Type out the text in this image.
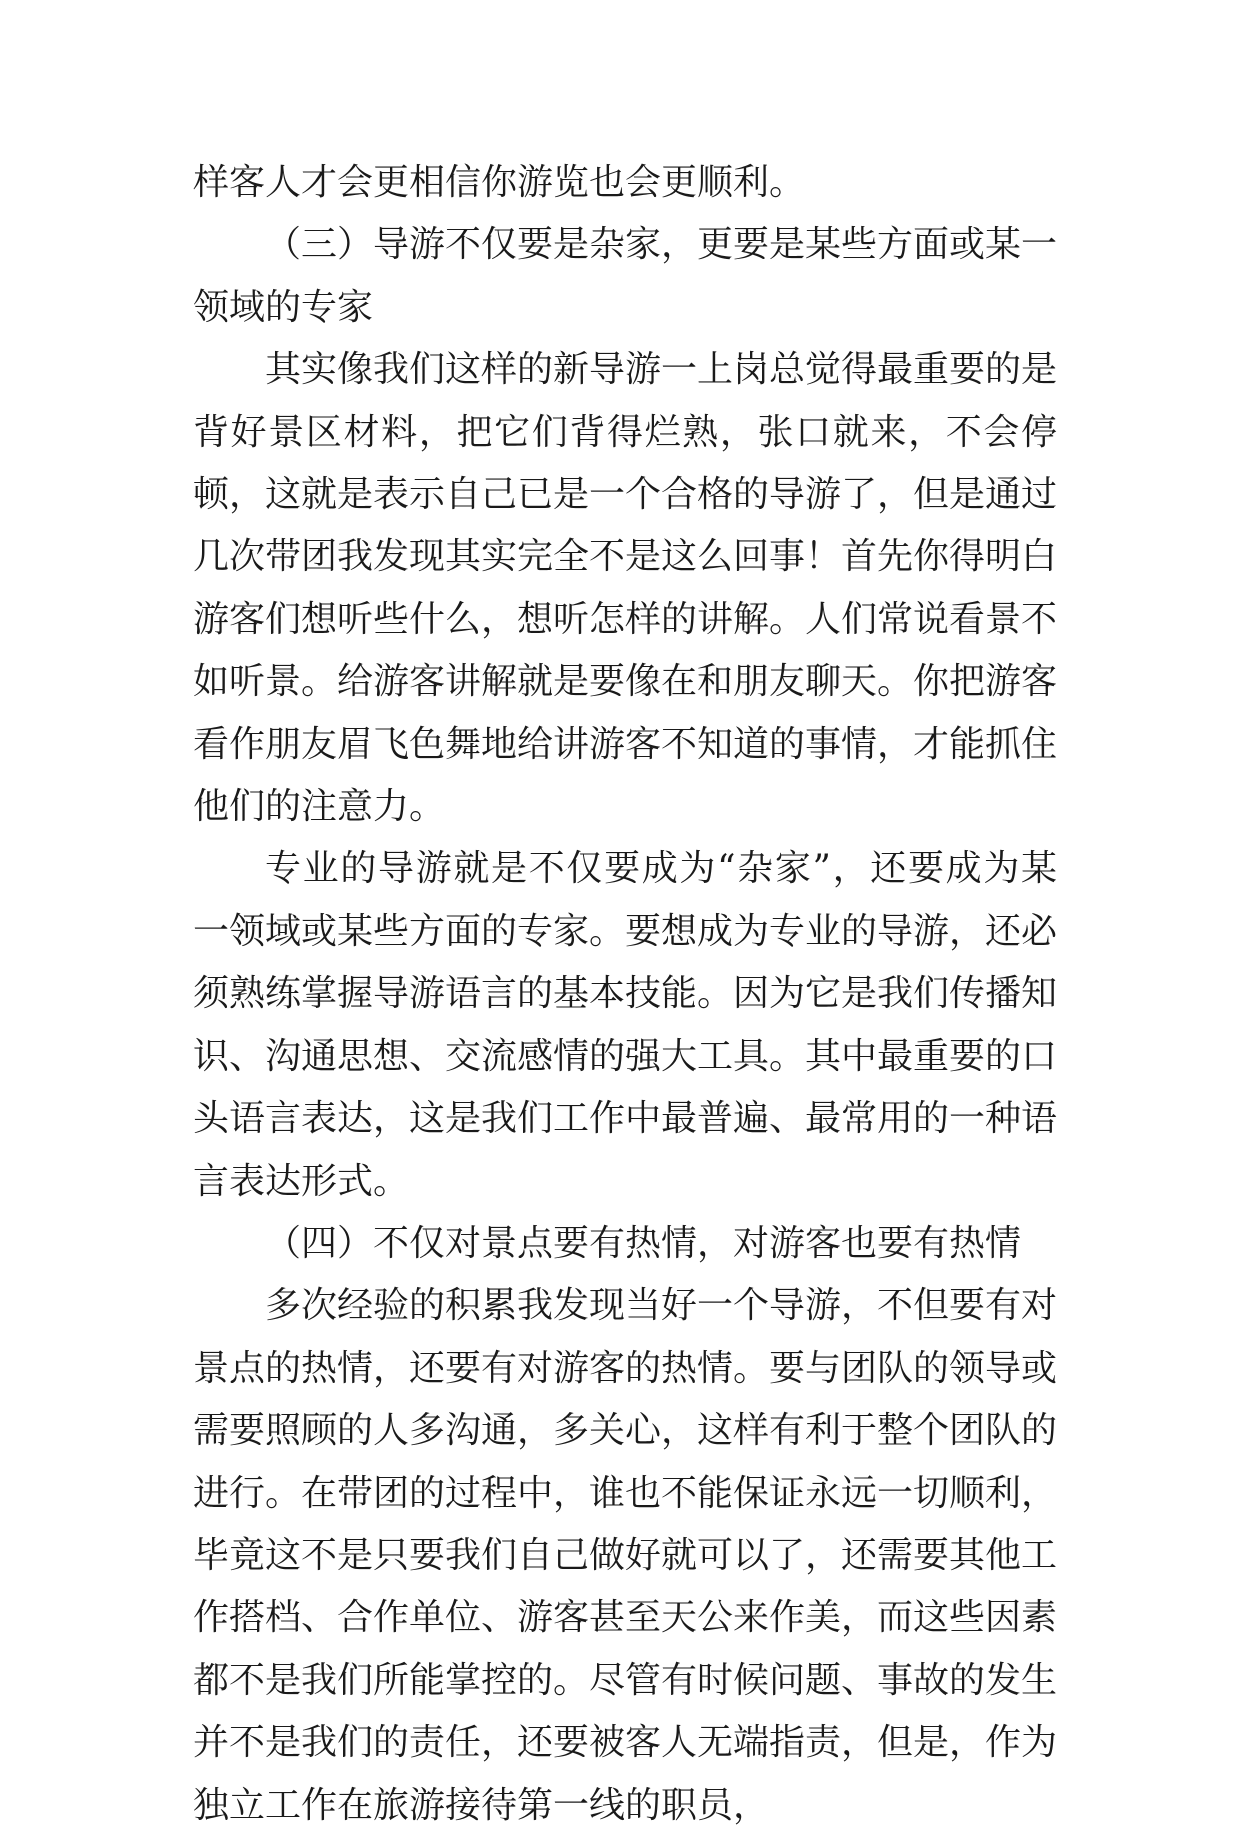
样客人才会更相信你游览也会更顺利。

（三）导游不仅要是杂家，更要是某些方面或某一领域的专家

其实像我们这样的新导游一上岗总觉得最重要的是背好景区材料，把它们背得烂熟，张口就来，不会停顿，这就是表示自己已是一个合格的导游了，但是通过几次带团我发现其实完全不是这么回事！首先你得明白游客们想听些什么，想听怎样的讲解。人们常说看景不如听景。给游客讲解就是要像在和朋友聊天。你把游客看作朋友眉飞色舞地给讲游客不知道的事情，才能抓住他们的注意力。

专业的导游就是不仅要成为“杂家”，还要成为某一领域或某些方面的专家。要想成为专业的导游，还必须熟练掌握导游语言的基本技能。因为它是我们传播知识、沟通思想、交流感情的强大工具。其中最重要的口头语言表达，这是我们工作中最普遍、最常用的一种语言表达形式。

（四）不仅对景点要有热情，对游客也要有热情

多次经验的积累我发现当好一个导游，不但要有对景点的热情，还要有对游客的热情。要与团队的领导或需要照顾的人多沟通，多关心，这样有利于整个团队的进行。在带团的过程中，谁也不能保证永远一切顺利，毕竟这不是只要我们自己做好就可以了，还需要其他工作搭档、合作单位、游客甚至天公来作美，而这些因素都不是我们所能掌控的。尽管有时候问题、事故的发生并不是我们的责任，还要被客人无端指责，但是，作为独立工作在旅游接待第一线的职员，
